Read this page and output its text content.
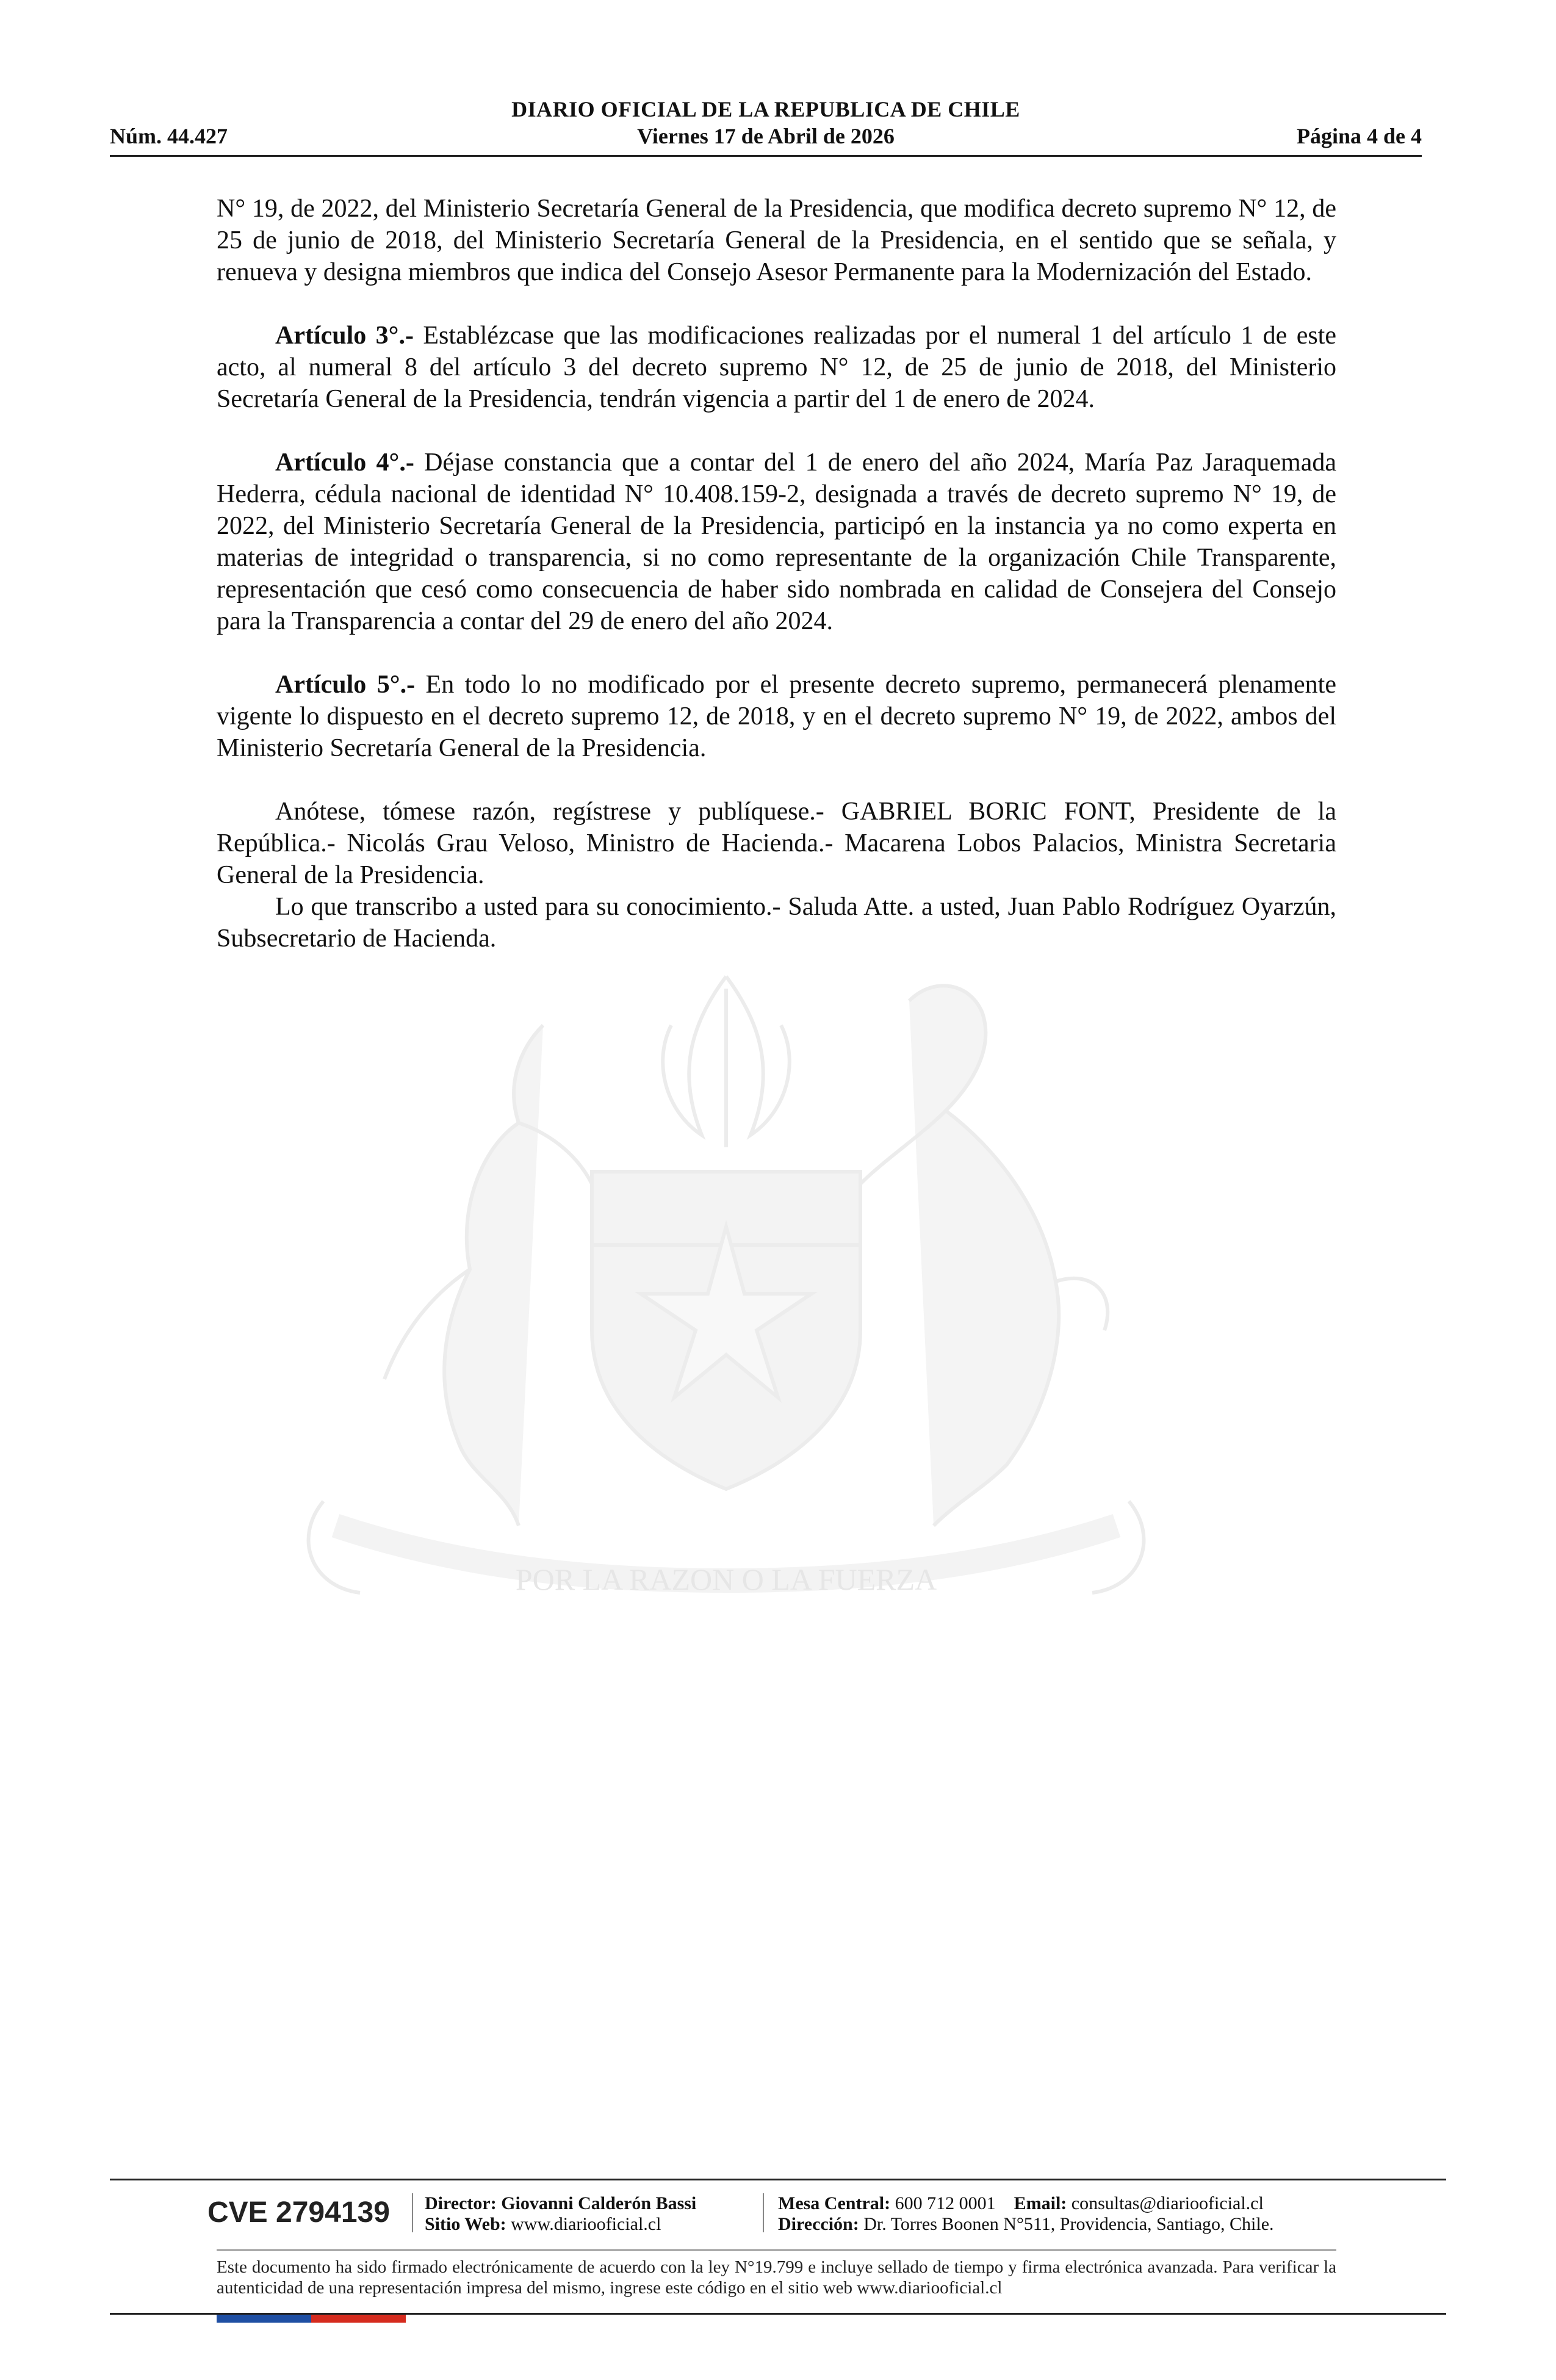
DIARIO OFICIAL DE LA REPUBLICA DE CHILE
Núm. 44.427	Viernes 17 de Abril de 2026	Página 4 de 4
POR LA RAZON O LA FUERZA

N° 19, de 2022, del Ministerio Secretaría General de la Presidencia, que modifica decreto supremo N° 12, de 25 de junio de 2018, del Ministerio Secretaría General de la Presidencia, en el sentido que se señala, y renueva y designa miembros que indica del Consejo Asesor Permanente para la Modernización del Estado.

Artículo 3°.- Establézcase que las modificaciones realizadas por el numeral 1 del artículo 1 de este acto, al numeral 8 del artículo 3 del decreto supremo N° 12, de 25 de junio de 2018, del Ministerio Secretaría General de la Presidencia, tendrán vigencia a partir del 1 de enero de 2024.

Artículo 4°.- Déjase constancia que a contar del 1 de enero del año 2024, María Paz Jaraquemada Hederra, cédula nacional de identidad N° 10.408.159-2, designada a través de decreto supremo N° 19, de 2022, del Ministerio Secretaría General de la Presidencia, participó en la instancia ya no como experta en materias de integridad o transparencia, si no como representante de la organización Chile Transparente, representación que cesó como consecuencia de haber sido nombrada en calidad de Consejera del Consejo para la Transparencia a contar del 29 de enero del año 2024.

Artículo 5°.- En todo lo no modificado por el presente decreto supremo, permanecerá plenamente vigente lo dispuesto en el decreto supremo 12, de 2018, y en el decreto supremo N° 19, de 2022, ambos del Ministerio Secretaría General de la Presidencia.

Anótese, tómese razón, regístrese y publíquese.- GABRIEL BORIC FONT, Presidente de la República.- Nicolás Grau Veloso, Ministro de Hacienda.- Macarena Lobos Palacios, Ministra Secretaria General de la Presidencia.

Lo que transcribo a usted para su conocimiento.- Saluda Atte. a usted, Juan Pablo Rodríguez Oyarzún, Subsecretario de Hacienda.

CVE 2794139	Director: Giovanni Calderón Bassi
Sitio Web: www.diariooficial.cl
Mesa Central: 600 712 0001 Email: consultas@diariooficial.cl
Dirección: Dr. Torres Boonen N°511, Providencia, Santiago, Chile.
Este documento ha sido firmado electrónicamente de acuerdo con la ley N°19.799 e incluye sellado de tiempo y firma electrónica avanzada. Para verificar la autenticidad de una representación impresa del mismo, ingrese este código en el sitio web www.diariooficial.cl
